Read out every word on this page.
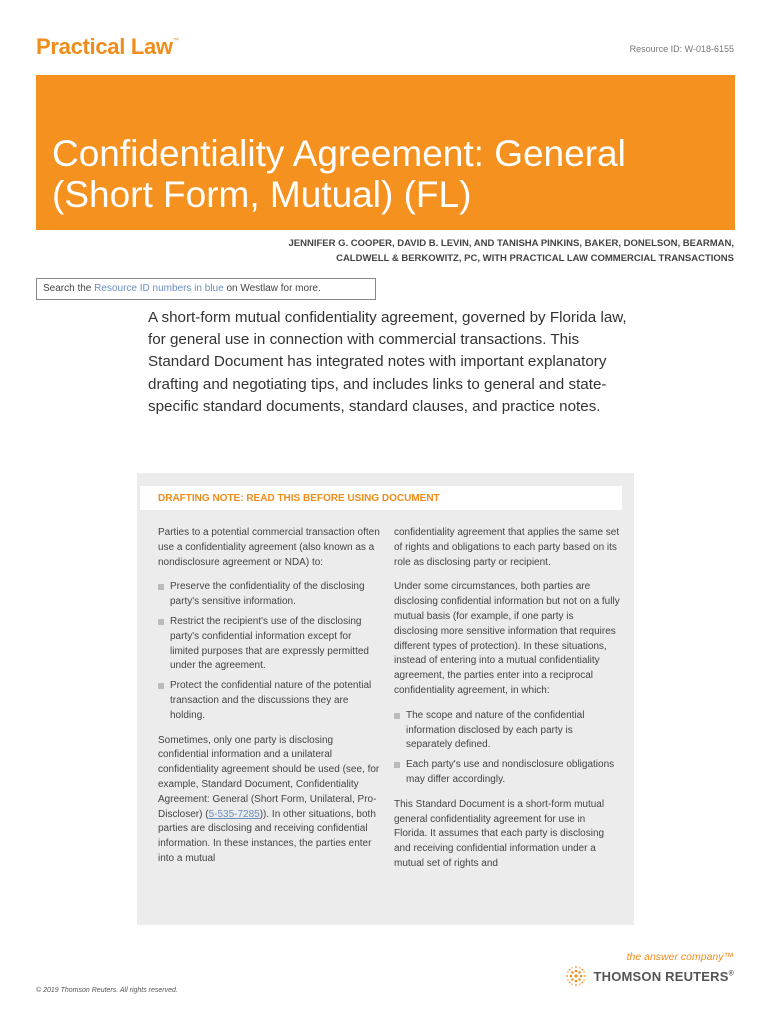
Practical Law™
Resource ID: W-018-6155
Confidentiality Agreement: General
(Short Form, Mutual) (FL)
JENNIFER G. COOPER, DAVID B. LEVIN, AND TANISHA PINKINS, BAKER, DONELSON, BEARMAN,
CALDWELL & BERKOWITZ, PC, WITH PRACTICAL LAW COMMERCIAL TRANSACTIONS
Search the Resource ID numbers in blue on Westlaw for more.
A short-form mutual confidentiality agreement, governed by Florida law, for general use in connection with commercial transactions. This Standard Document has integrated notes with important explanatory drafting and negotiating tips, and includes links to general and state-specific standard documents, standard clauses, and practice notes.
DRAFTING NOTE: READ THIS BEFORE USING DOCUMENT

Parties to a potential commercial transaction often use a confidentiality agreement (also known as a nondisclosure agreement or NDA) to:

Preserve the confidentiality of the disclosing party's sensitive information.
Restrict the recipient's use of the disclosing party's confidential information except for limited purposes that are expressly permitted under the agreement.
Protect the confidential nature of the potential transaction and the discussions they are holding.

Sometimes, only one party is disclosing confidential information and a unilateral confidentiality agreement should be used (see, for example, Standard Document, Confidentiality Agreement: General (Short Form, Unilateral, Pro-Discloser) (5-535-7285)). In other situations, both parties are disclosing and receiving confidential information. In these instances, the parties enter into a mutual

confidentiality agreement that applies the same set of rights and obligations to each party based on its role as disclosing party or recipient.

Under some circumstances, both parties are disclosing confidential information but not on a fully mutual basis (for example, if one party is disclosing more sensitive information that requires different types of protection). In these situations, instead of entering into a mutual confidentiality agreement, the parties enter into a reciprocal confidentiality agreement, in which:

The scope and nature of the confidential information disclosed by each party is separately defined.
Each party's use and nondisclosure obligations may differ accordingly.

This Standard Document is a short-form mutual general confidentiality agreement for use in Florida. It assumes that each party is disclosing and receiving confidential information under a mutual set of rights and

the answer company™
THOMSON REUTERS®
© 2019 Thomson Reuters. All rights reserved.
